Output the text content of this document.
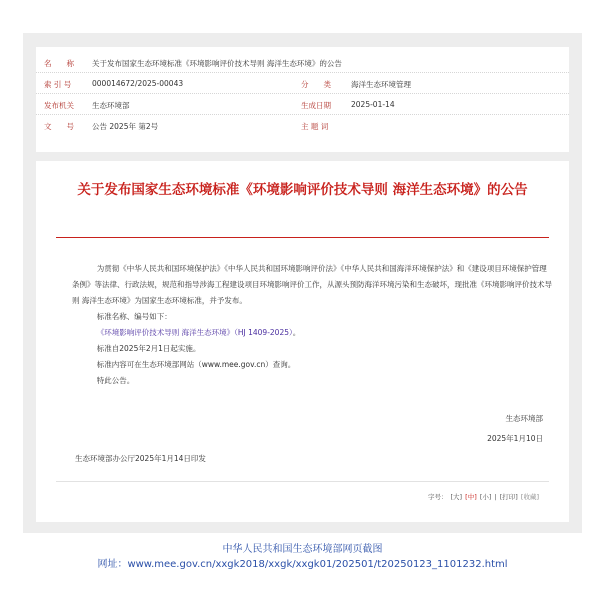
名　　称 关于发布国家生态环境标准《环境影响评价技术导则 海洋生态环境》的公告
索 引 号	000014672/2025-00043	分　　类	海洋生态环境管理
发布机关 生态环境部	生成日期	2025-01-14
文　　号 公告 2025年 第2号	主 题 词
关于发布国家生态环境标准《环境影响评价技术导则 海洋生态环境》的公告

为贯彻《中华人民共和国环境保护法》《中华人民共和国环境影响评价法》《中华人民共和国海洋环境保护法》和《建设项目环境保护管理条例》等法律、行政法规，规范和指导涉海工程建设项目环境影响评价工作，从源头预防海洋环境污染和生态破坏，现批准《环境影响评价技术导则 海洋生态环境》为国家生态环境标准，并予发布。

标准名称、编号如下：

《环境影响评价技术导则 海洋生态环境》（HJ 1409-2025）。

标准自2025年2月1日起实施。

标准内容可在生态环境部网站（www.mee.gov.cn）查询。

特此公告。

生态环境部
2025年1月10日
生态环境部办公厅2025年1月14日印发
字号： [大] [中] [小] | [打印] [收藏]
中华人民共和国生态环境部网页截图
网址：www.mee.gov.cn/xxgk2018/xxgk/xxgk01/202501/t20250123_1101232.html
